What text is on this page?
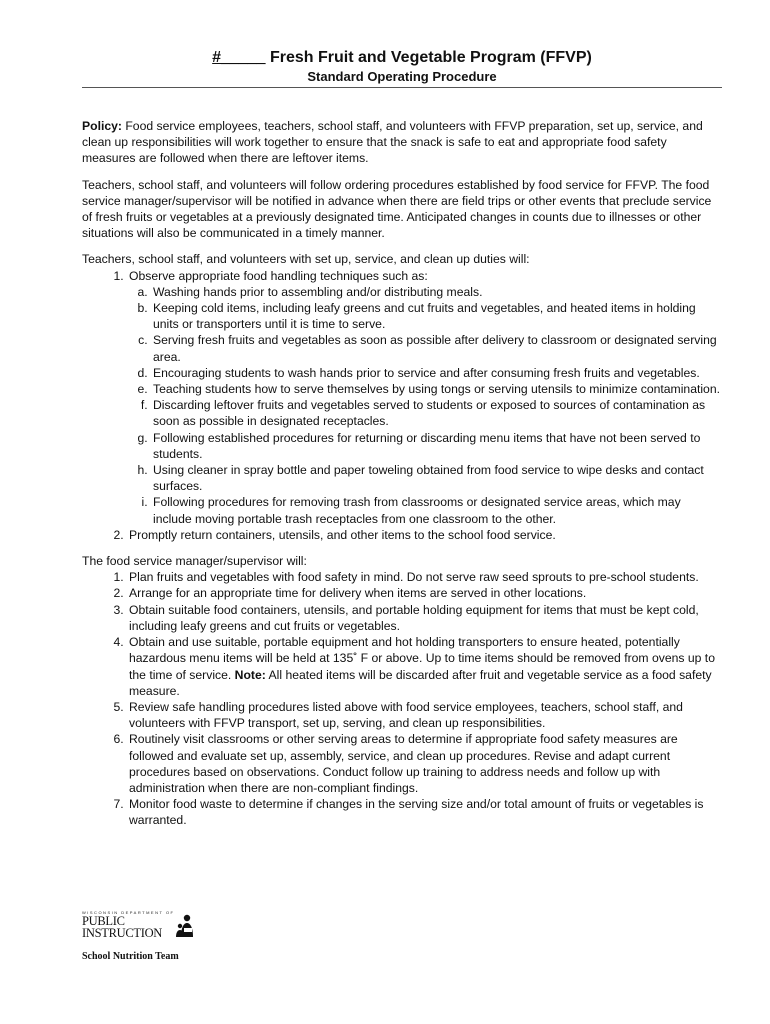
#_____ Fresh Fruit and Vegetable Program (FFVP)
Standard Operating Procedure

Policy: Food service employees, teachers, school staff, and volunteers with FFVP preparation, set up, service, and clean up responsibilities will work together to ensure that the snack is safe to eat and appropriate food safety measures are followed when there are leftover items.

Teachers, school staff, and volunteers will follow ordering procedures established by food service for FFVP. The food service manager/supervisor will be notified in advance when there are field trips or other events that preclude service of fresh fruits or vegetables at a previously designated time. Anticipated changes in counts due to illnesses or other situations will also be communicated in a timely manner.

Teachers, school staff, and volunteers with set up, service, and clean up duties will:

1. Observe appropriate food handling techniques such as:
a. Washing hands prior to assembling and/or distributing meals.
b. Keeping cold items, including leafy greens and cut fruits and vegetables, and heated items in holding units or transporters until it is time to serve.
c. Serving fresh fruits and vegetables as soon as possible after delivery to classroom or designated serving area.
d. Encouraging students to wash hands prior to service and after consuming fresh fruits and vegetables.
e. Teaching students how to serve themselves by using tongs or serving utensils to minimize contamination.
f. Discarding leftover fruits and vegetables served to students or exposed to sources of contamination as soon as possible in designated receptacles.
g. Following established procedures for returning or discarding menu items that have not been served to students.
h. Using cleaner in spray bottle and paper toweling obtained from food service to wipe desks and contact surfaces.
i. Following procedures for removing trash from classrooms or designated service areas, which may include moving portable trash receptacles from one classroom to the other.
2. Promptly return containers, utensils, and other items to the school food service.

The food service manager/supervisor will:

1. Plan fruits and vegetables with food safety in mind. Do not serve raw seed sprouts to pre-school students.
2. Arrange for an appropriate time for delivery when items are served in other locations.
3. Obtain suitable food containers, utensils, and portable holding equipment for items that must be kept cold, including leafy greens and cut fruits or vegetables.
4. Obtain and use suitable, portable equipment and hot holding transporters to ensure heated, potentially hazardous menu items will be held at 135˚ F or above. Up to time items should be removed from ovens up to the time of service. Note: All heated items will be discarded after fruit and vegetable service as a food safety measure.
5. Review safe handling procedures listed above with food service employees, teachers, school staff, and volunteers with FFVP transport, set up, serving, and clean up responsibilities.
6. Routinely visit classrooms or other serving areas to determine if appropriate food safety measures are followed and evaluate set up, assembly, service, and clean up procedures. Revise and adapt current procedures based on observations. Conduct follow up training to address needs and follow up with administration when there are non-compliant findings.
7. Monitor food waste to determine if changes in the serving size and/or total amount of fruits or vegetables is warranted.
WISCONSIN DEPARTMENT OF
PUBLIC
INSTRUCTION
School Nutrition Team
